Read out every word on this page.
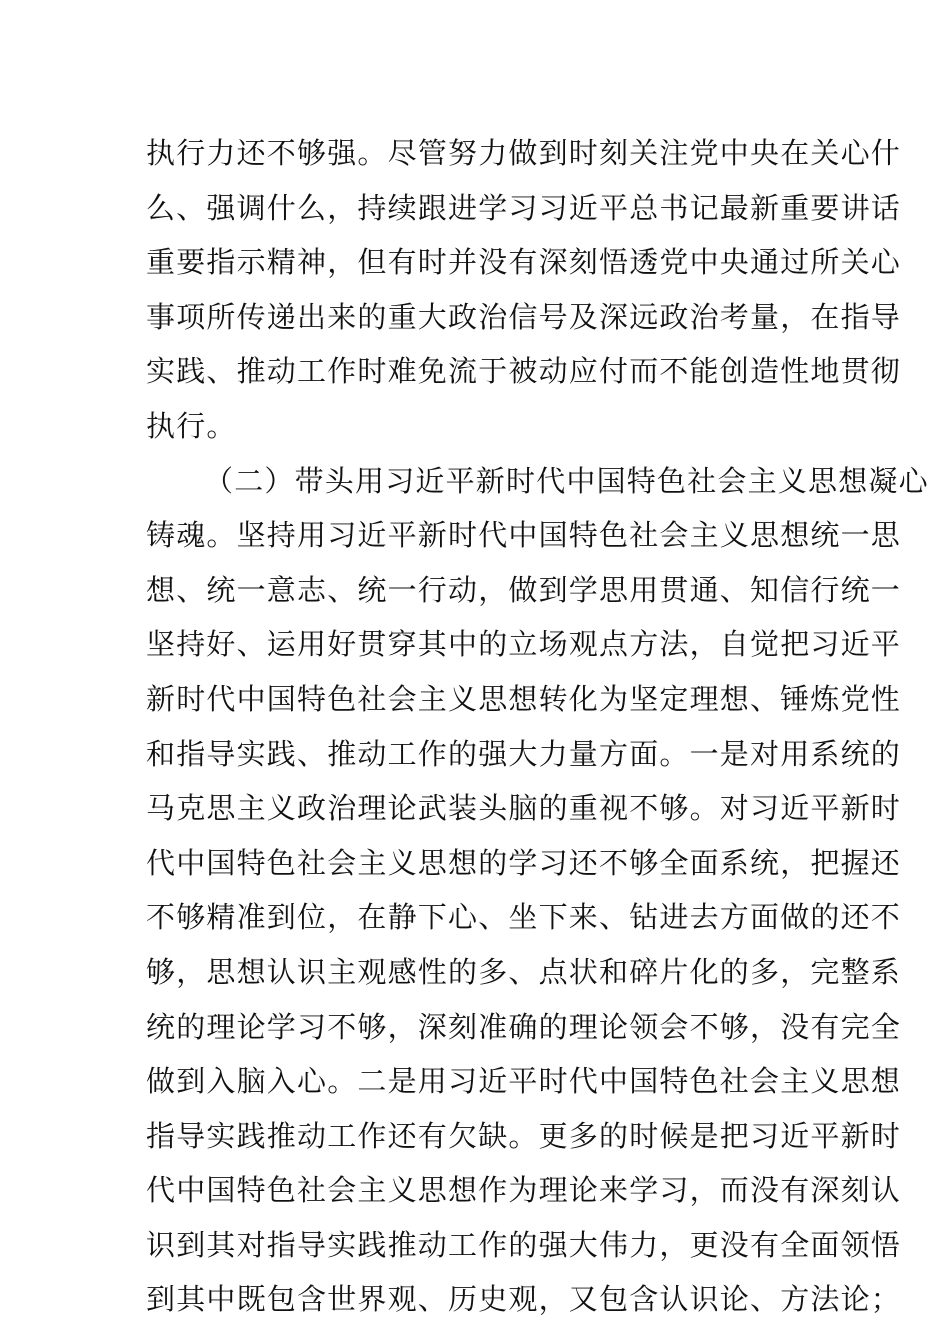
执行力还不够强。尽管努力做到时刻关注党中央在关心什
么、强调什么，持续跟进学习习近平总书记最新重要讲话
重要指示精神，但有时并没有深刻悟透党中央通过所关心
事项所传递出来的重大政治信号及深远政治考量，在指导
实践、推动工作时难免流于被动应付而不能创造性地贯彻
执行。
（二）带头用习近平新时代中国特色社会主义思想凝心
铸魂。坚持用习近平新时代中国特色社会主义思想统一思
想、统一意志、统一行动，做到学思用贯通、知信行统一
坚持好、运用好贯穿其中的立场观点方法，自觉把习近平
新时代中国特色社会主义思想转化为坚定理想、锤炼党性
和指导实践、推动工作的强大力量方面。一是对用系统的
马克思主义政治理论武装头脑的重视不够。对习近平新时
代中国特色社会主义思想的学习还不够全面系统，把握还
不够精准到位，在静下心、坐下来、钻进去方面做的还不
够，思想认识主观感性的多、点状和碎片化的多，完整系
统的理论学习不够，深刻准确的理论领会不够，没有完全
做到入脑入心。二是用习近平时代中国特色社会主义思想
指导实践推动工作还有欠缺。更多的时候是把习近平新时
代中国特色社会主义思想作为理论来学习，而没有深刻认
识到其对指导实践推动工作的强大伟力，更没有全面领悟
到其中既包含世界观、历史观，又包含认识论、方法论；
